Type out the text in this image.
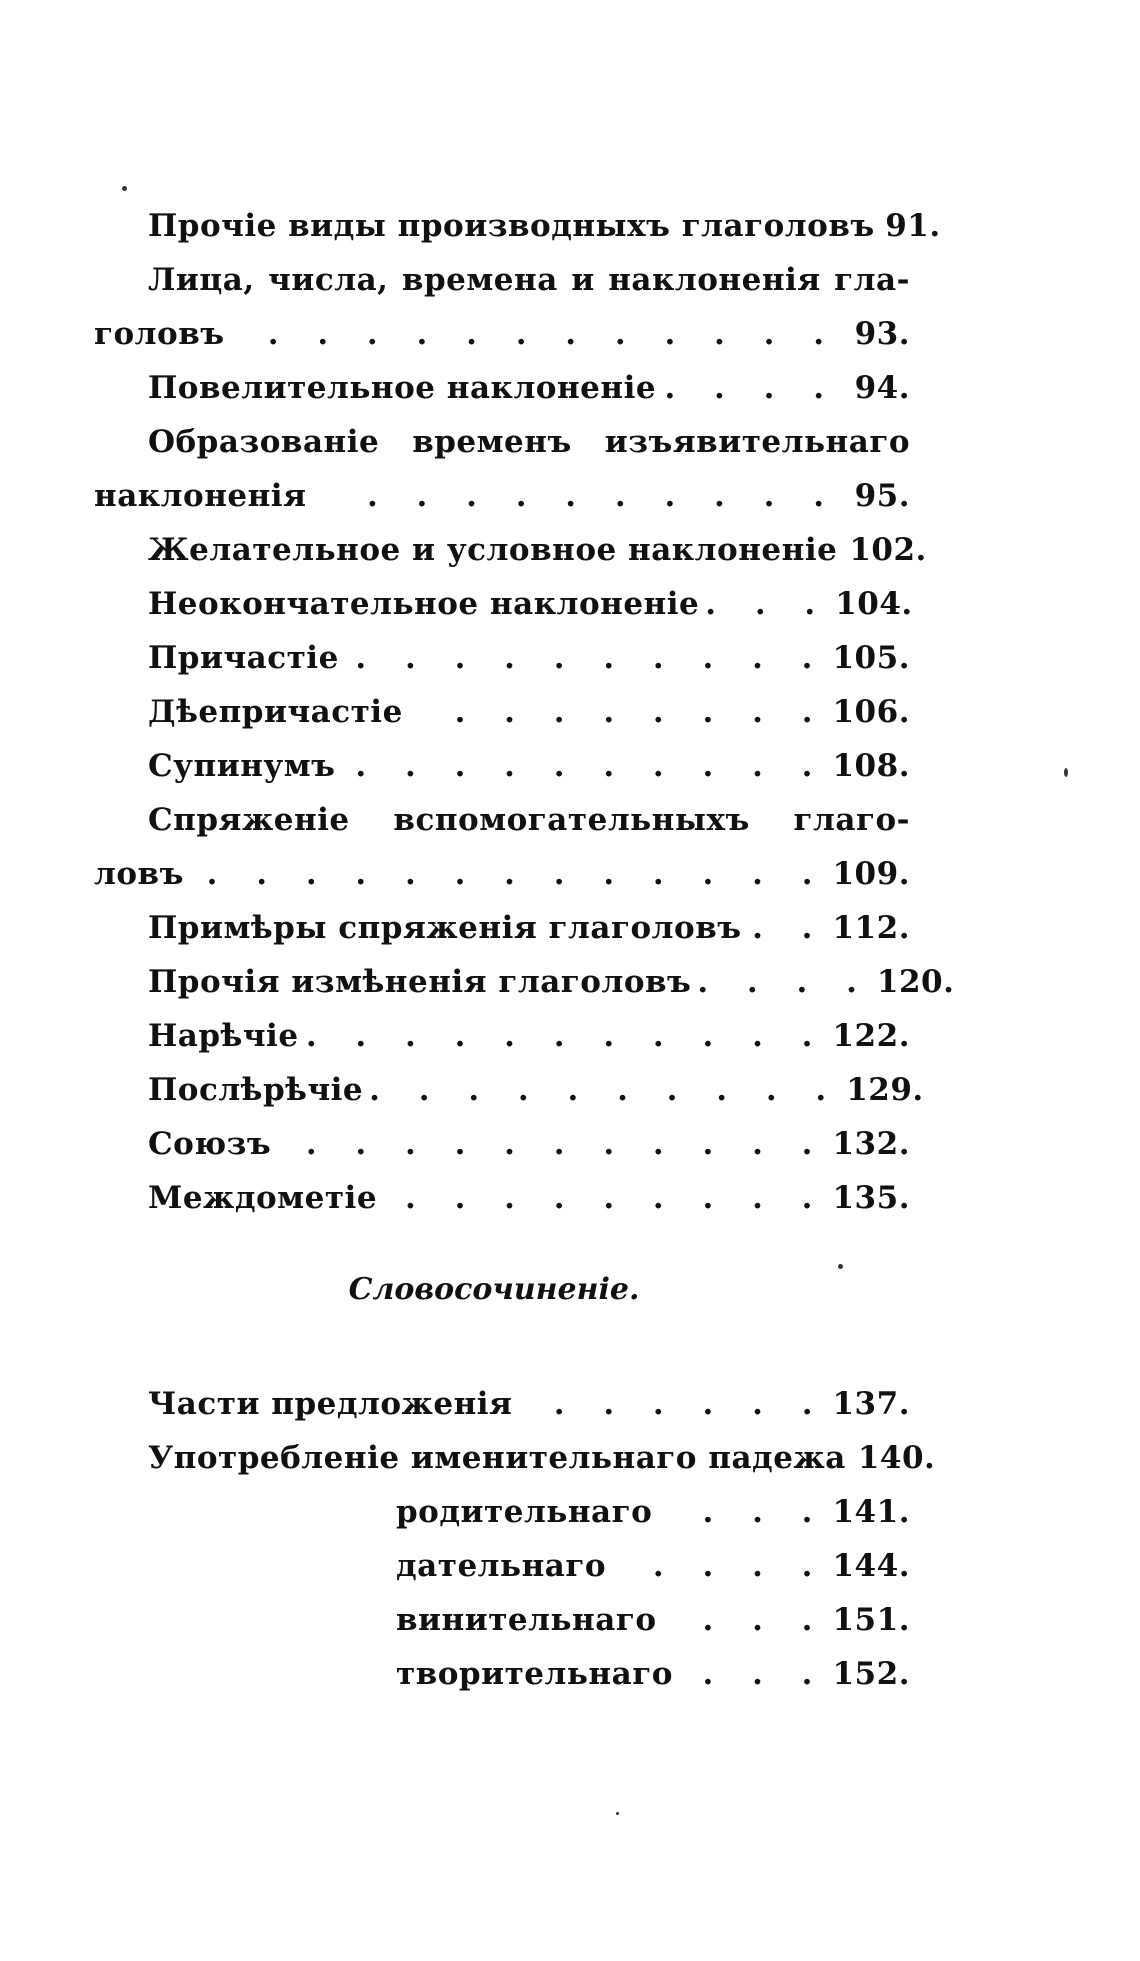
Прочіе виды производныхъ глаголовъ 91.
Лица, числа, времена и наклоненія гла-
головъ	. . . . . . . . . . . . 93.
Повелительное наклоненіе . . . . 94.
Образованіе временъ изъявительнаго
наклоненія	. . . . . . . . . . 95.
Желательное и условное наклоненіе 102.
Неокончательное наклоненіе . . . 104.
Причастіе . . . . . . . . . . 105.
Дѣепричастіе	. . . . . . . . 106.
Супинумъ . . . . . . . . . . 108.
Спряженіе вспомогательныхъ глаго-
ловъ . . . . . . . . . . . . . 109.
Примѣры спряженія глаголовъ . . 112.
Прочія измѣненія глаголовъ . . . . 120.
Нарѣчіе . . . . . . . . . . . 122.
Послѣрѣчіе . . . . . . . . . . 129.
Союзъ	. . . . . . . . . . . 132.
Междометіе . . . . . . . . . 135.
Словосочиненіе.
Части предложенія	. . . . . . 137.
Употребленіе именительнаго падежа 140.
родительнаго	. . . 141.
дательнаго	. . . . 144.
винительнаго	. . . 151.
творительнаго . . . 152.
